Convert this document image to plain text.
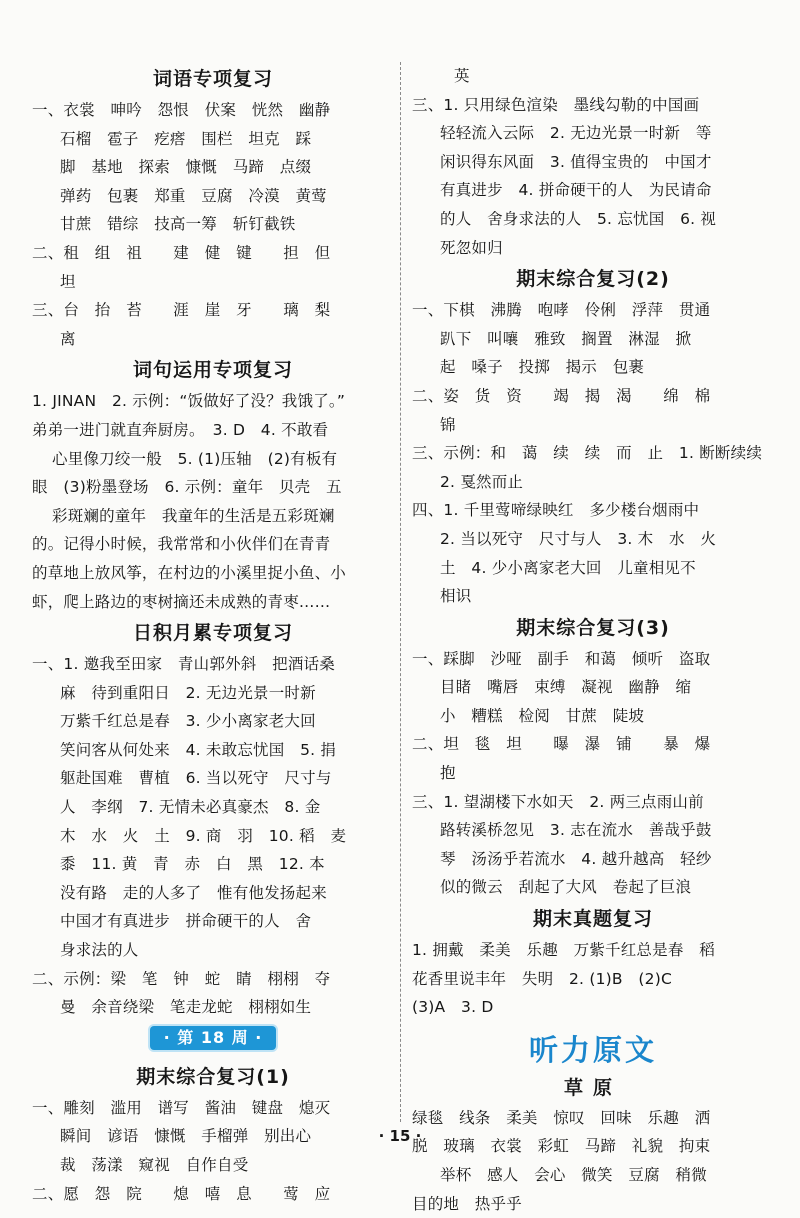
词语专项复习
一、衣裳　呻吟　怨恨　伏案　恍然　幽静
石榴　雹子　疙瘩　围栏　坦克　踩
脚　基地　探索　慷慨　马蹄　点缀
弹药　包裹　郑重　豆腐　冷漠　黄莺
甘蔗　错综　技高一筹　斩钉截铁
二、租　组　祖　　建　健　键　　担　但
坦
三、台　抬　苔　　涯　崖　牙　　璃　梨
离
词句运用专项复习
1. JINAN　2. 示例：“饭做好了没？我饿了。”
弟弟一进门就直奔厨房。　3. D　4. 不敢看
心里像刀绞一般　5. (1)压轴　(2)有板有
眼　(3)粉墨登场　6. 示例：童年　贝壳　五
彩斑斓的童年　我童年的生活是五彩斑斓
的。记得小时候，我常常和小伙伴们在青青
的草地上放风筝，在村边的小溪里捉小鱼、小
虾，爬上路边的枣树摘还未成熟的青枣……
日积月累专项复习
一、1. 邀我至田家　青山郭外斜　把酒话桑
麻　待到重阳日　2. 无边光景一时新
万紫千红总是春　3. 少小离家老大回
笑问客从何处来　4. 未敢忘忧国　5. 捐
躯赴国难　曹植　6. 当以死守　尺寸与
人　李纲　7. 无情未必真豪杰　8. 金
木　水　火　土　9. 商　羽　10. 稻　麦
黍　11. 黄　青　赤　白　黑　12. 本
没有路　走的人多了　惟有他发扬起来
中国才有真进步　拼命硬干的人　舍
身求法的人
二、示例：梁　笔　钟　蛇　睛　栩栩　夺
曼　余音绕梁　笔走龙蛇　栩栩如生
· 第 18 周 ·
期末综合复习(1)
一、雕刻　滥用　谱写　酱油　键盘　熄灭
瞬间　谚语　慷慨　手榴弹　别出心
裁　荡漾　窥视　自作自受
二、愿　怨　院　　熄　嘻　息　　莺　应
英
三、1. 只用绿色渲染　墨线勾勒的中国画
轻轻流入云际　2. 无边光景一时新　等
闲识得东风面　3. 值得宝贵的　中国才
有真进步　4. 拼命硬干的人　为民请命
的人　舍身求法的人　5. 忘忧国　6. 视
死忽如归
期末综合复习(2)
一、下棋　沸腾　咆哮　伶俐　浮萍　贯通
趴下　叫嚷　雅致　搁置　淋湿　掀
起　嗓子　投掷　揭示　包裹
二、姿　货　资　　竭　揭　渴　　绵　棉
锦
三、示例：和　蔼　续　续　而　止　1. 断断续续
2. 戛然而止
四、1. 千里莺啼绿映红　多少楼台烟雨中
2. 当以死守　尺寸与人　3. 木　水　火
土　4. 少小离家老大回　儿童相见不
相识
期末综合复习(3)
一、踩脚　沙哑　副手　和蔼　倾听　盗取
目睹　嘴唇　束缚　凝视　幽静　缩
小　糟糕　检阅　甘蔗　陡坡
二、坦　毯　坦　　曝　瀑　铺　　暴　爆
抱
三、1. 望湖楼下水如天　2. 两三点雨山前
路转溪桥忽见　3. 志在流水　善哉乎鼓
琴　汤汤乎若流水　4. 越升越高　轻纱
似的微云　刮起了大风　卷起了巨浪
期末真题复习
1. 拥戴　柔美　乐趣　万紫千红总是春　稻
花香里说丰年　失明　2. (1)B　(2)C
(3)A　3. D
听力原文
草原
绿毯　线条　柔美　惊叹　回味　乐趣　洒
脱　玻璃　衣裳　彩虹　马蹄　礼貌　拘束
举杯　感人　会心　微笑　豆腐　稍微
目的地　热乎乎
· 15 ·
